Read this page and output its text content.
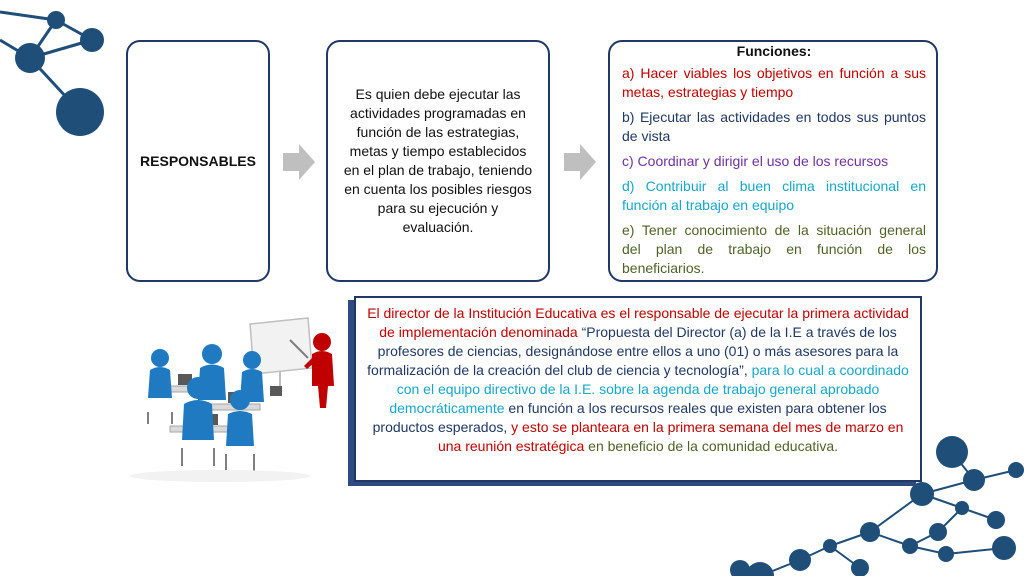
RESPONSABLES
Es quien debe ejecutar las actividades programadas en función de las estrategias, metas y tiempo establecidos en el plan de trabajo, teniendo en cuenta los posibles riesgos para su ejecución y evaluación.
Funciones:
a) Hacer viables los objetivos en función a sus metas, estrategias y tiempo
b) Ejecutar las actividades en todos sus puntos de vista
c) Coordinar y dirigir el uso de los recursos
d) Contribuir al buen clima institucional en función al trabajo en equipo
e) Tener conocimiento de la situación general del plan de trabajo en función de los beneficiarios.
El director de la Institución Educativa es el responsable de ejecutar la primera actividad de implementación denominada “Propuesta del Director (a) de la I.E a través de los profesores de ciencias, designándose entre ellos a uno (01) o más asesores para la formalización de la creación del club de ciencia y tecnología”, para lo cual a coordinado con el equipo directivo de la I.E. sobre la agenda de trabajo general aprobado democráticamente en función a los recursos reales que existen para obtener los productos esperados, y esto se planteara en la primera semana del mes de marzo en una reunión estratégica en beneficio de la comunidad educativa.
